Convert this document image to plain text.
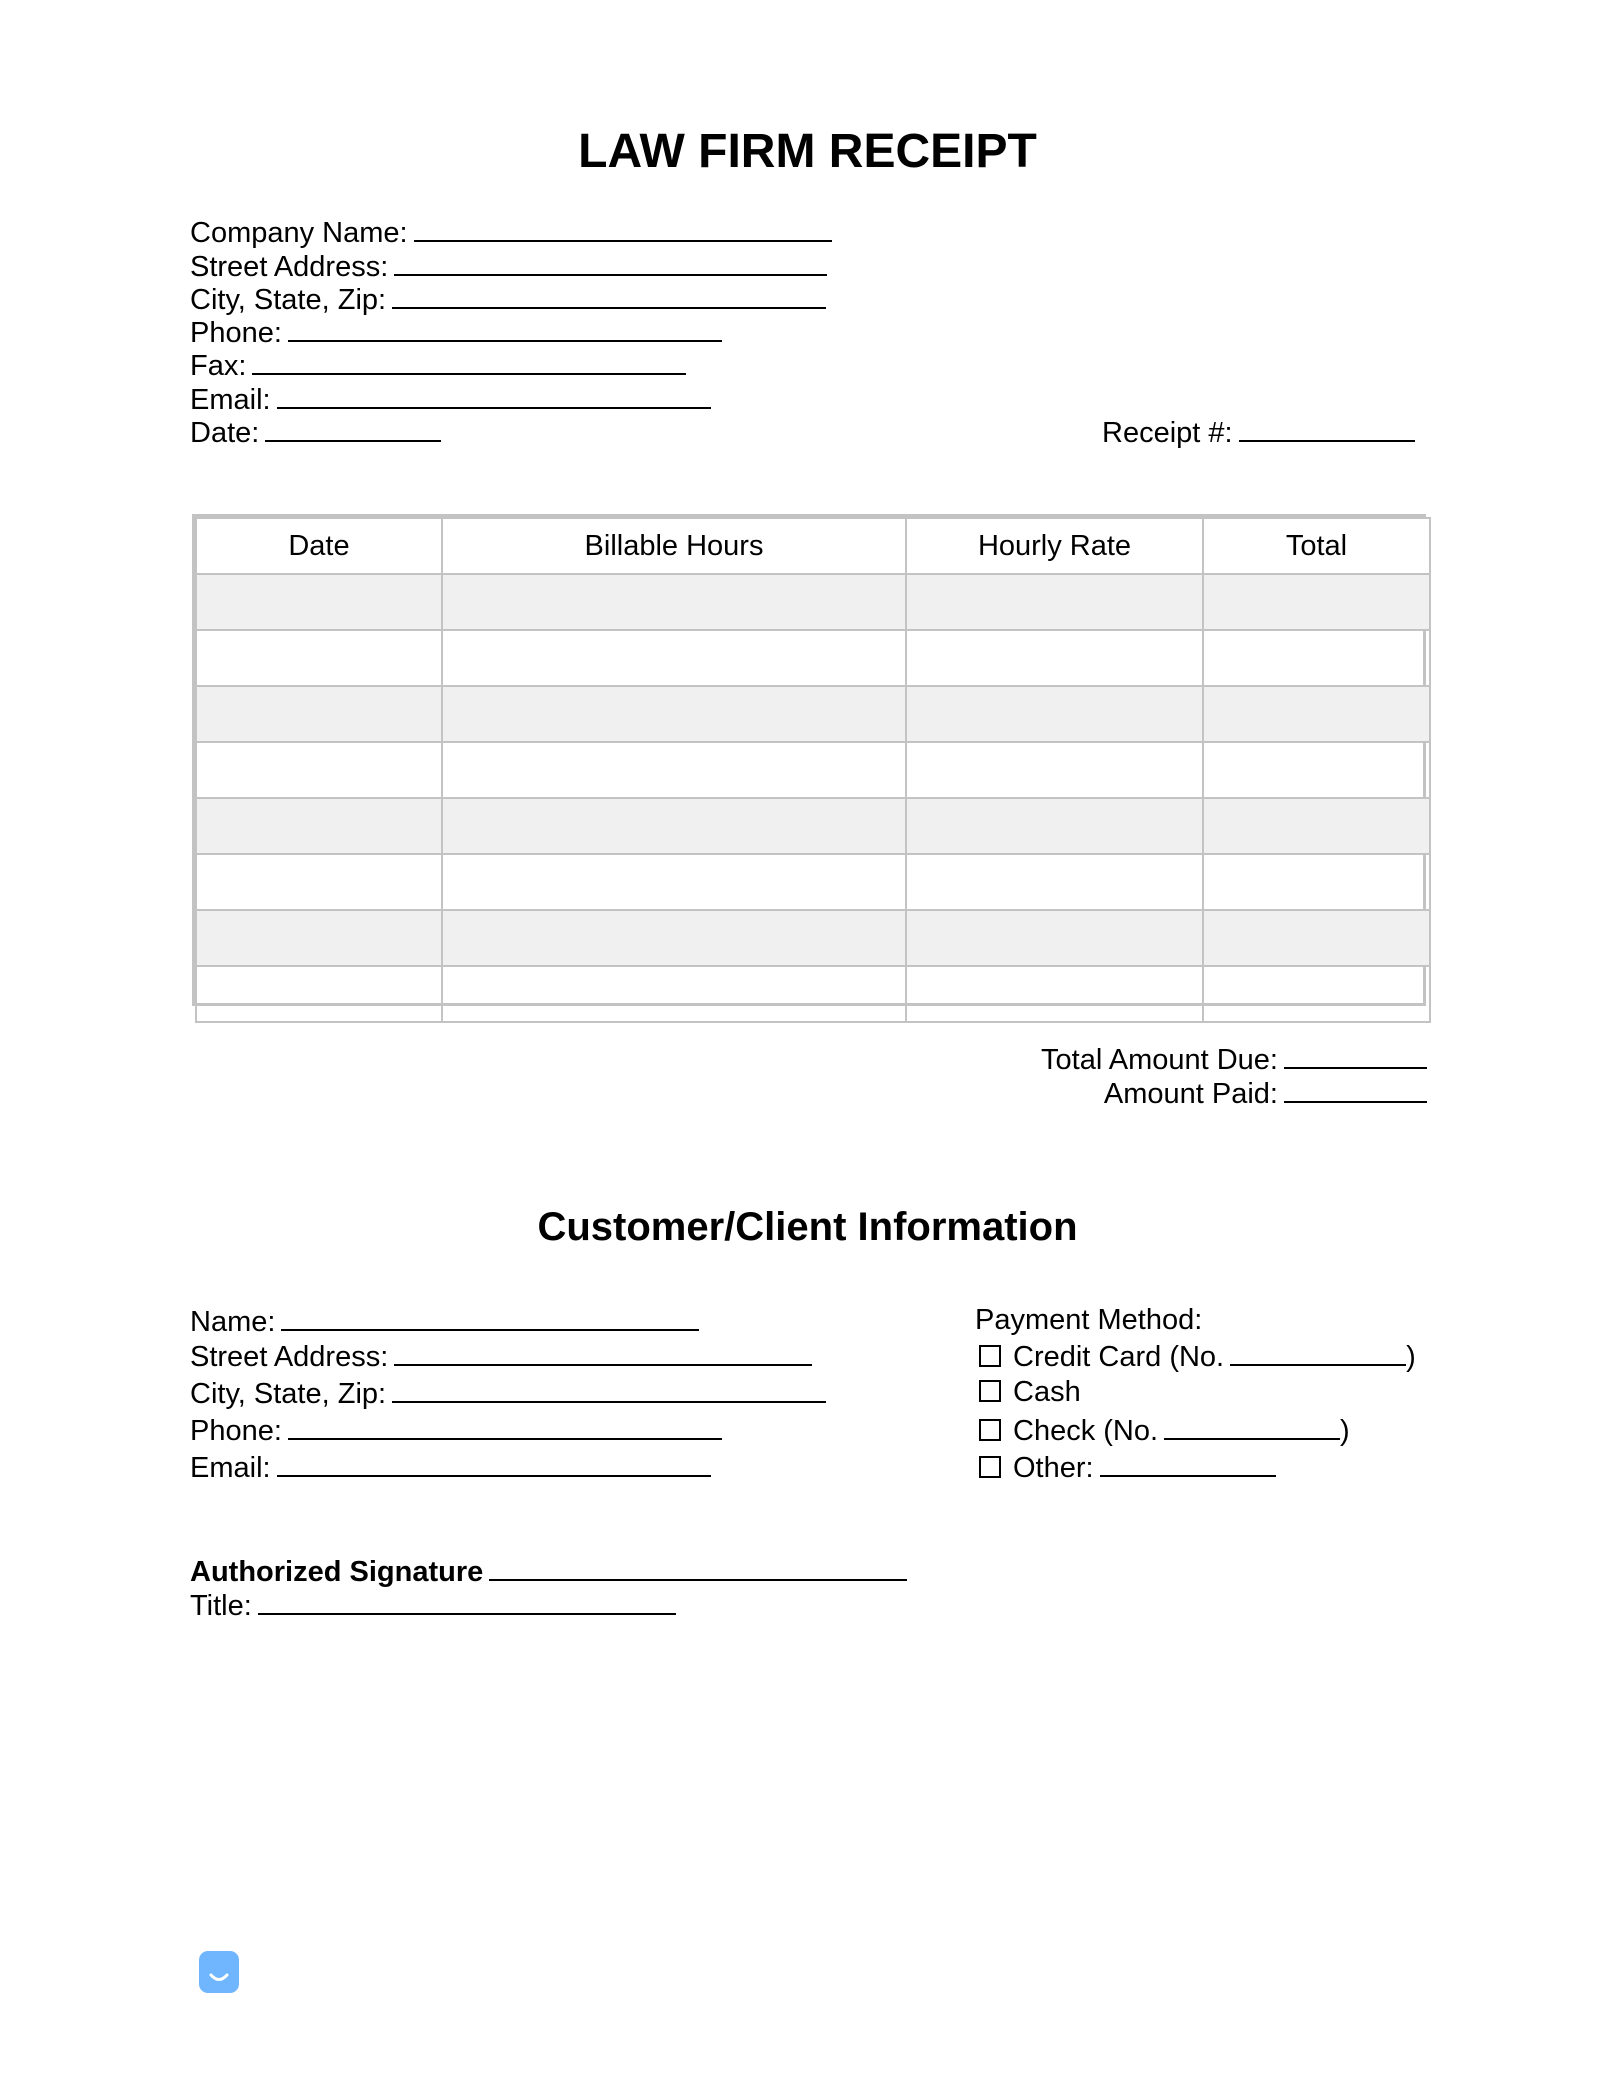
LAW FIRM RECEIPT
Company Name:
Street Address:
City, State, Zip:
Phone:
Fax:
Email:
Date:	Receipt #:
Date	Billable Hours	Hourly Rate	Total

Total Amount Due:
Amount Paid:
Customer/Client Information
Name:
Street Address:
City, State, Zip:
Phone:
Email:
Payment Method:
Credit Card (No.	)
Cash
Check (No.	)
Other:
Authorized Signature
Title:
